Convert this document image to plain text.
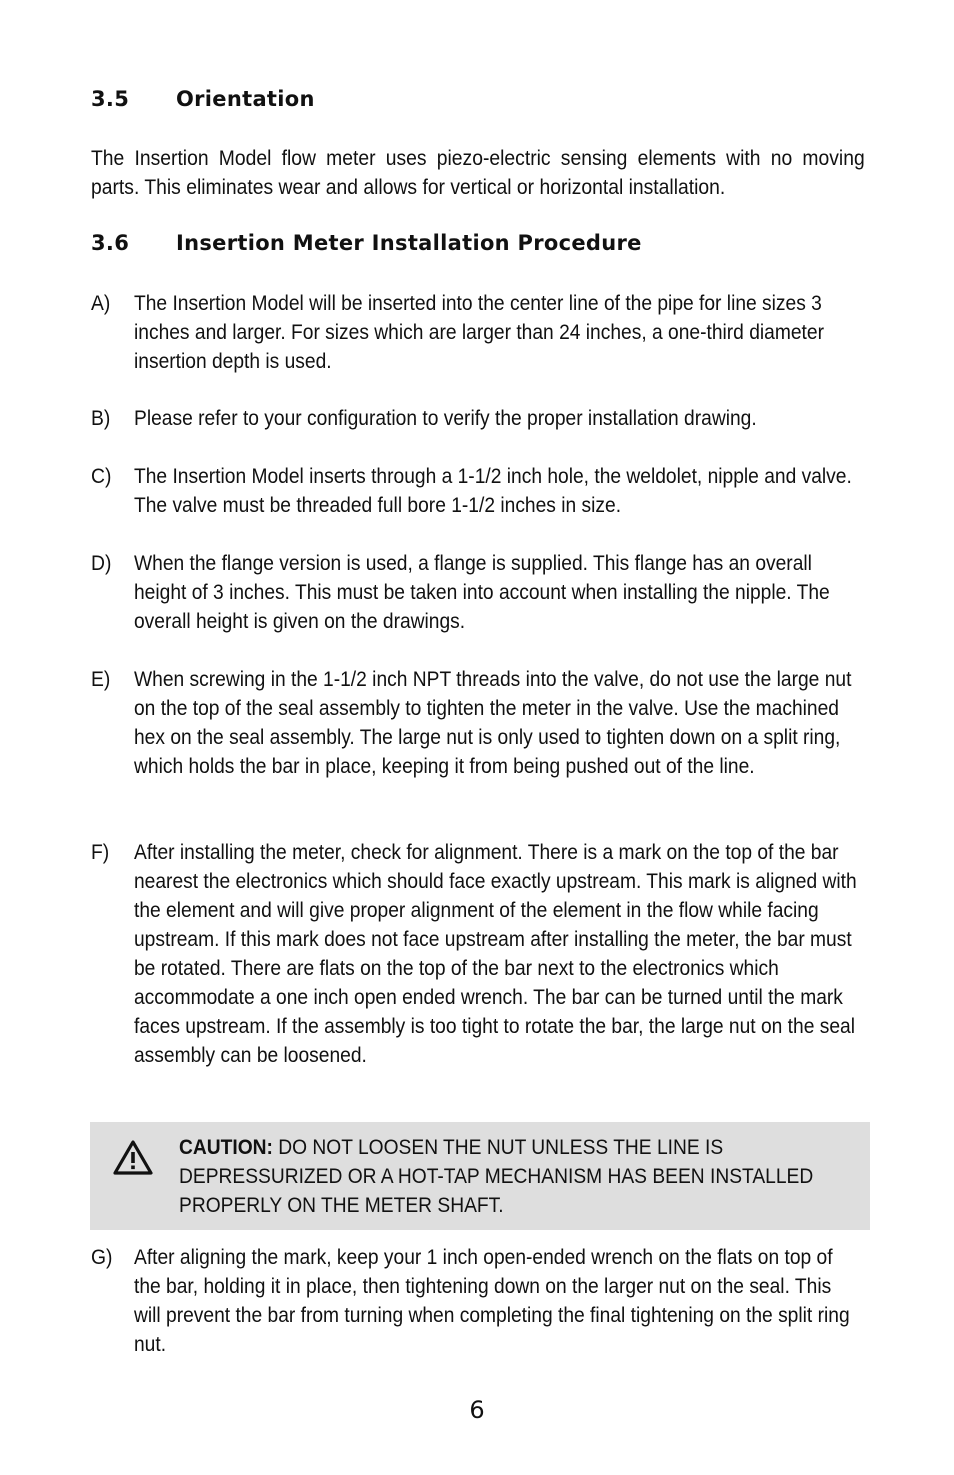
3.5 Orientation
The Insertion Model flow meter uses piezo-electric sensing elements with no moving parts. This eliminates wear and allows for vertical or horizontal installation.
3.6 Insertion Meter Installation Procedure
A)	The Insertion Model will be inserted into the center line of the pipe for line sizes 3 inches and larger. For sizes which are larger than 24 inches, a one-third diameter insertion depth is used.
B)	Please refer to your configuration to verify the proper installation drawing.
C)	The Insertion Model inserts through a 1-1/2 inch hole, the weldolet, nipple and valve. The valve must be threaded full bore 1-1/2 inches in size.
D)	When the flange version is used, a flange is supplied. This flange has an overall height of 3 inches. This must be taken into account when installing the nipple. The overall height is given on the drawings.
E)	When screwing in the 1-1/2 inch NPT threads into the valve, do not use the large nut on the top of the seal assembly to tighten the meter in the valve. Use the machined hex on the seal assembly. The large nut is only used to tighten down on a split ring, which holds the bar in place, keeping it from being pushed out of the line.
F)	After installing the meter, check for alignment. There is a mark on the top of the bar nearest the electronics which should face exactly upstream. This mark is aligned with the element and will give proper alignment of the element in the flow while facing upstream. If this mark does not face upstream after installing the meter, the bar must be rotated. There are flats on the top of the bar next to the electronics which accommodate a one inch open ended wrench. The bar can be turned until the mark faces upstream. If the assembly is too tight to rotate the bar, the large nut on the seal assembly can be loosened.
CAUTION: DO NOT LOOSEN THE NUT UNLESS THE LINE IS DEPRESSURIZED OR A HOT-TAP MECHANISM HAS BEEN INSTALLED PROPERLY ON THE METER SHAFT.
G)	After aligning the mark, keep your 1 inch open-ended wrench on the flats on top of the bar, holding it in place, then tightening down on the larger nut on the seal. This will prevent the bar from turning when completing the final tightening on the split ring nut.
6
